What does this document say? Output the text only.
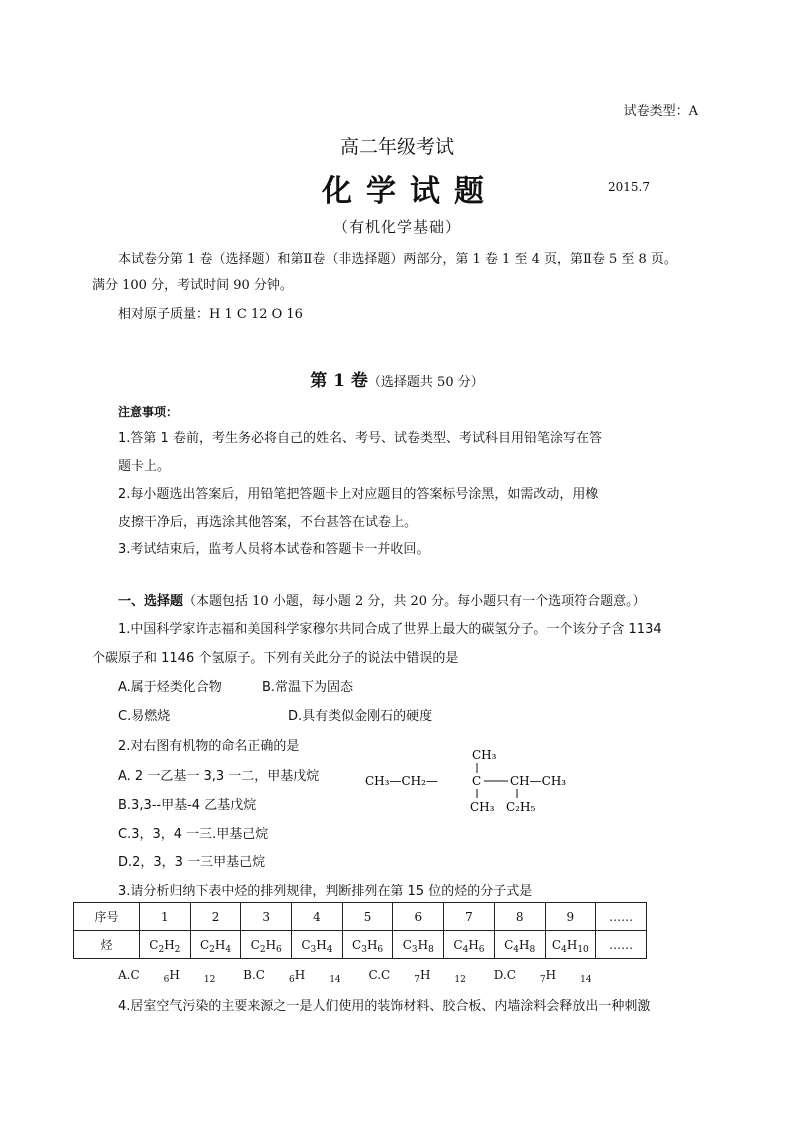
试卷类型：A
高二年级考试
化学试题	2015.7
（有机化学基础）
本试卷分第 1 卷（选择题）和第Ⅱ卷（非选择题）两部分，第 1 卷 1 至 4 页，第Ⅱ卷 5 至 8 页。
满分 100 分，考试时间 90 分钟。
相对原子质量：H 1 C 12 O 16
第 1 卷（选择题共 50 分）
注意事项：
1.答第 1 卷前，考生务必将自己的姓名、考号、试卷类型、考试科目用铅笔涂写在答
题卡上。
2.每小题选出答案后，用铅笔把答题卡上对应题目的答案标号涂黑，如需改动，用橡
皮擦干净后，再选涂其他答案，不台甚答在试卷上。
3.考试结束后，监考人员将本试卷和答题卡一并收回。
一、选择题（本题包括 10 小题，每小题 2 分，共 20 分。每小题只有一个选项符合题意。）
1.中国科学家许志福和美国科学家穆尔共同合成了世界上最大的碳氢分子。一个该分子含 1134
个碳原子和 1146 个氢原子。下列有关此分子的说法中错误的是
A.属于烃类化合物	B.常温下为固态
C.易燃烧	D.具有类似金刚石的硬度
2.对右图有机物的命名正确的是
A. 2 一乙基一 3,3 一二，甲基戊烷
B.3,3--甲基-4 乙基戊烷
C.3，3，4 一三.甲基己烷
D.2，3，3 一三甲基己烷
CH₃
CH₃—CH₂—	C CH—CH₃
CH₃ C₂H₅
3.请分析归纳下表中烃的排列规律，判断排列在第 15 位的烃的分子式是
序号	1	2	3	4	5	6	7	8	9	……
烃	$C_2H_2$	$C_2H_4$	$C_2H_6$	$C_3H_4$	$C_3H_6$	$C_3H_8$	$C_4H_6$	$C_4H_8$	$C_4H_{10}$	……
A.C	$_6$H	$_{12}$ B.C	$_6$H	$_{14}$ C.C	$_7$H	$_{12}$ D.C	$_7$H	$_{14}$
4.居室空气污染的主要来源之一是人们使用的装饰材料、胶合板、内墙涂料会释放出一种刺激
